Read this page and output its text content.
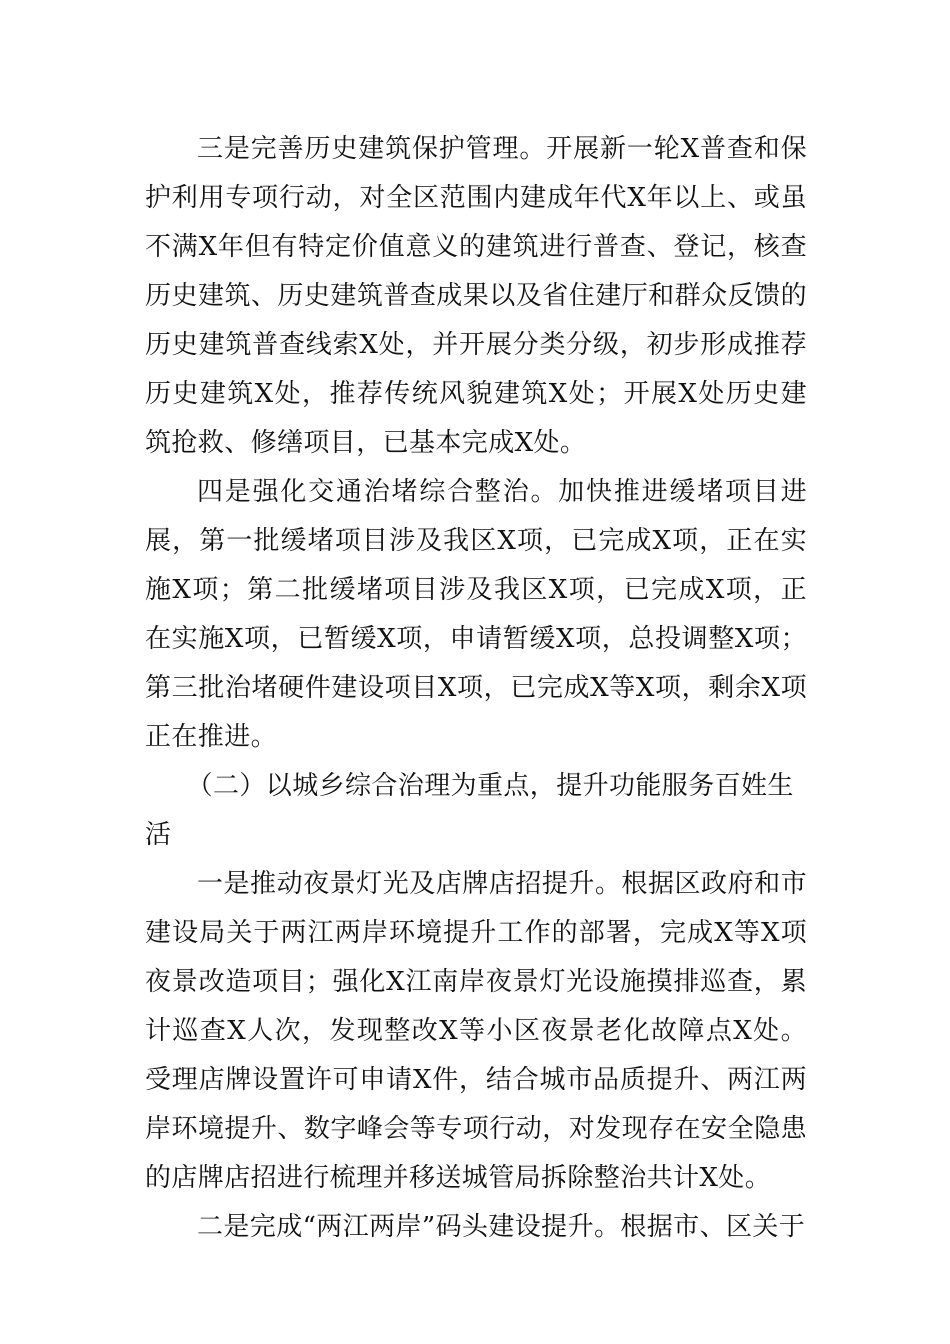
三是完善历史建筑保护管理。开展新一轮X普查和保护利用专项行动，对全区范围内建成年代X年以上、或虽不满X年但有特定价值意义的建筑进行普查、登记，核查历史建筑、历史建筑普查成果以及省住建厅和群众反馈的历史建筑普查线索X处，并开展分类分级，初步形成推荐历史建筑X处，推荐传统风貌建筑X处；开展X处历史建筑抢救、修缮项目，已基本完成X处。

四是强化交通治堵综合整治。加快推进缓堵项目进展，第一批缓堵项目涉及我区X项，已完成X项，正在实施X项；第二批缓堵项目涉及我区X项，已完成X项，正在实施X项，已暂缓X项，申请暂缓X项，总投调整X项；第三批治堵硬件建设项目X项，已完成X等X项，剩余X项正在推进。

（二）以城乡综合治理为重点，提升功能服务百姓生活

一是推动夜景灯光及店牌店招提升。根据区政府和市建设局关于两江两岸环境提升工作的部署，完成X等X项夜景改造项目；强化X江南岸夜景灯光设施摸排巡查，累计巡查X人次，发现整改X等小区夜景老化故障点X处。受理店牌设置许可申请X件，结合城市品质提升、两江两岸环境提升、数字峰会等专项行动，对发现存在安全隐患的店牌店招进行梳理并移送城管局拆除整治共计X处。

二是完成“两江两岸”码头建设提升。根据市、区关于
